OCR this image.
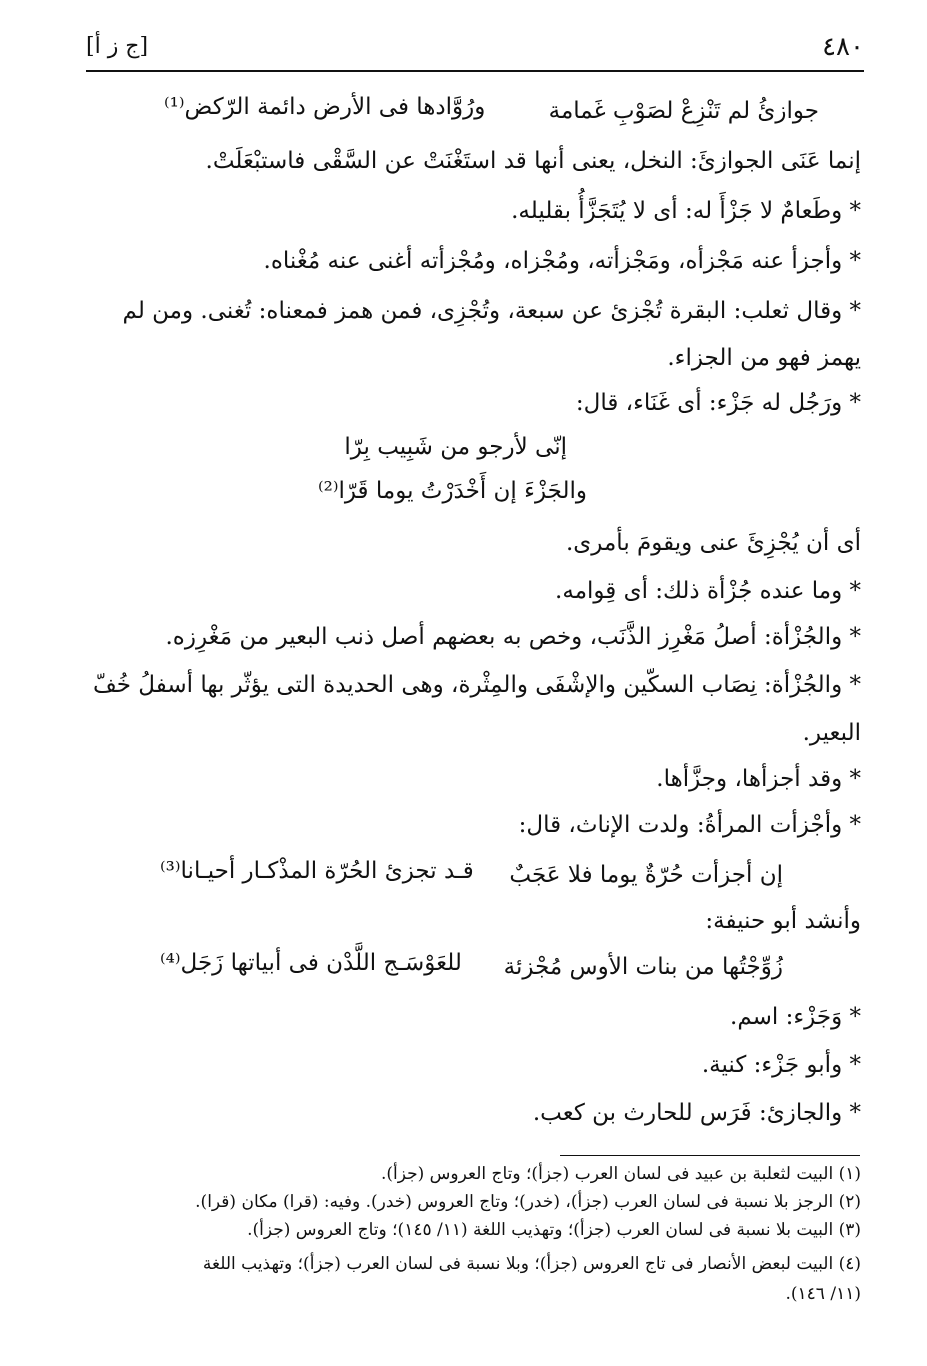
٤٨٠
[ج ز أ]
جوازئُ لم تَنْزِعْ لصَوْبِ غَمامة
ورُوَّادها فى الأرض دائمة الرّكض⁽¹⁾
إنما عَنَى الجوازئَ: النخل، يعنى أنها قد استَغْنَتْ عن السَّقْى فاستبْعَلَتْ.
* وطَعامٌ لا جَزْأَ له: أى لا يُتَجَزَّأُ بقليله.
* وأجزأ عنه مَجْزأه، ومَجْزأته، ومُجْزاه، ومُجْزأته أغنى عنه مُغْناه.
* وقال ثعلب: البقرة تُجْزئ عن سبعة، وتُجْزِى، فمن همز فمعناه: تُغنى. ومن لم
يهمز فهو من الجزاء.
* ورَجُل له جَزْء: أى غَنَاء، قال:
إنّى لأرجو من شَبِيب بِرّا
والجَزْءَ إن أَخْدَرْتُ يوما قَرّا⁽²⁾
أى أن يُجْزِئَ عنى ويقومَ بأمرى.
* وما عنده جُزْأة ذلك: أى قِوامه.
* والجُزْأة: أصلُ مَغْرِز الذَّنَب، وخص به بعضهم أصل ذنب البعير من مَغْرِزه.
* والجُزْأة: نِصَاب السكّين والإشْفَى والمِثْرة، وهى الحديدة التى يؤثّر بها أسفلُ خُفّ
البعير.
* وقد أجزأها، وجزَّأها.
* وأجْزأت المرأةُ: ولدت الإناث، قال:
إن أجزأت حُرّةٌ يوما فلا عَجَبٌ
قـد تجزئ الحُرّة المذْكـار أحيـانا⁽³⁾
وأنشد أبو حنيفة:
زُوِّجْتُها من بنات الأوس مُجْزئة
للعَوْسَـج اللَّدْن فى أبياتها زَجَل⁽⁴⁾
* وَجَزْء: اسم.
* وأبو جَزْء: كنية.
* والجازئ: فَرَس للحارث بن كعب.
(١) البيت لثعلبة بن عبيد فى لسان العرب (جزأ)؛ وتاج العروس (جزأ).
(٢) الرجز بلا نسبة فى لسان العرب (جزأ)، (خدر)؛ وتاج العروس (خدر). وفيه: (قرا) مكان (قرا).
(٣) البيت بلا نسبة فى لسان العرب (جزأ)؛ وتهذيب اللغة (١١/ ١٤٥)؛ وتاج العروس (جزأ).
(٤) البيت لبعض الأنصار فى تاج العروس (جزأ)؛ وبلا نسبة فى لسان العرب (جزأ)؛ وتهذيب اللغة
(١١/ ١٤٦).
